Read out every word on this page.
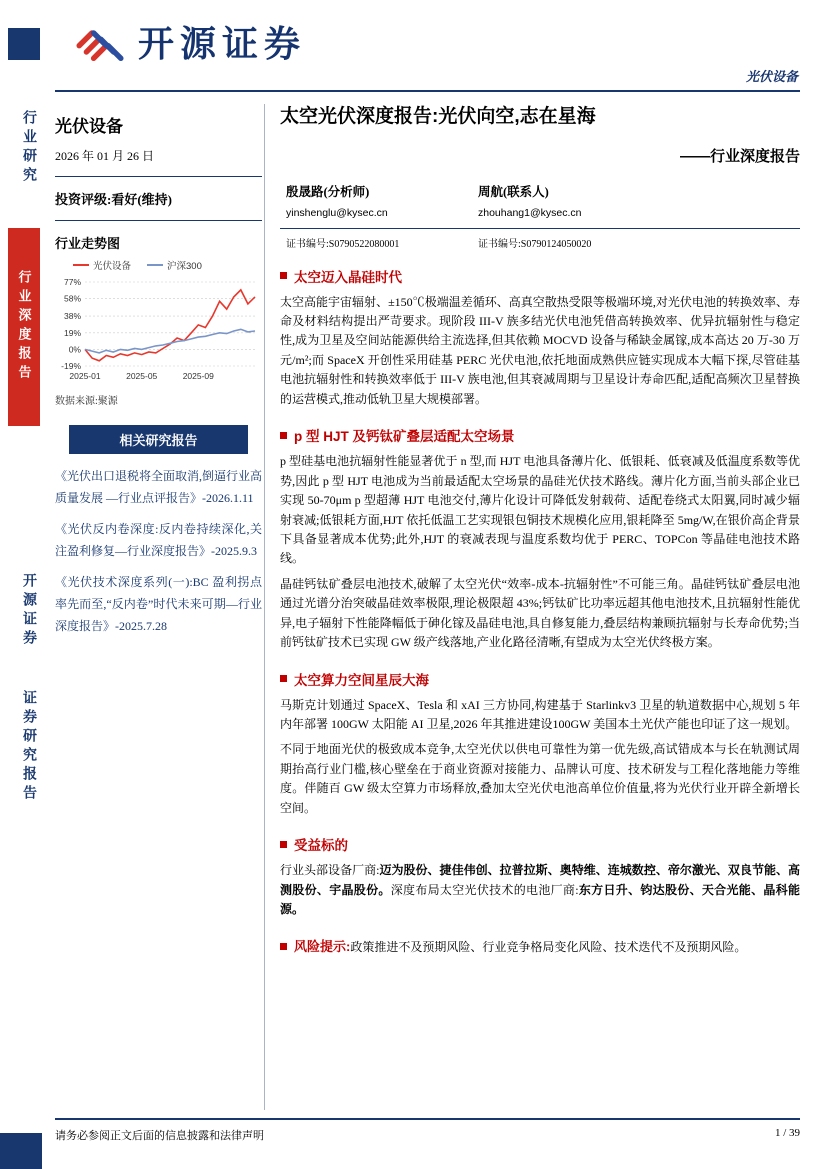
行业研究
行业深度报告
开源证券
证券研究报告
开源证券
光伏设备
光伏设备
2026 年 01 月 26 日
投资评级:看好(维持)
行业走势图
光伏设备	沪深300
77%
58%
38%
19%
0%
-19%
2025-01	2025-05	2025-09
数据来源:聚源
相关研究报告
《光伏出口退税将全面取消,倒逼行业高质量发展 —行业点评报告》-2026.1.11
《光伏反内卷深度:反内卷持续深化,关注盈利修复—行业深度报告》-2025.9.3
《光伏技术深度系列(一):BC 盈利拐点率先而至,“反内卷”时代未来可期—行业深度报告》-2025.7.28
太空光伏深度报告:光伏向空,志在星海
——行业深度报告
殷晟路(分析师)
yinshenglu@kysec.cn
周航(联系人)
zhouhang1@kysec.cn
证书编号:S0790522080001	证书编号:S0790124050020
太空迈入晶硅时代

太空高能宇宙辐射、±150℃极端温差循环、高真空散热受限等极端环境,对光伏电池的转换效率、寿命及材料结构提出严苛要求。现阶段 III-V 族多结光伏电池凭借高转换效率、优异抗辐射性与稳定性,成为卫星及空间站能源供给主流选择,但其依赖 MOCVD 设备与稀缺金属镓,成本高达 20 万-30 万元/m²;而 SpaceX 开创性采用硅基 PERC 光伏电池,依托地面成熟供应链实现成本大幅下探,尽管硅基电池抗辐射性和转换效率低于 III-V 族电池,但其衰减周期与卫星设计寿命匹配,适配高频次卫星替换的运营模式,推动低轨卫星大规模部署。

p 型 HJT 及钙钛矿叠层适配太空场景

p 型硅基电池抗辐射性能显著优于 n 型,而 HJT 电池具备薄片化、低银耗、低衰减及低温度系数等优势,因此 p 型 HJT 电池成为当前最适配太空场景的晶硅光伏技术路线。薄片化方面,当前头部企业已实现 50-70μm p 型超薄 HJT 电池交付,薄片化设计可降低发射载荷、适配卷绕式太阳翼,同时减少辐射衰减;低银耗方面,HJT 依托低温工艺实现银包铜技术规模化应用,银耗降至 5mg/W,在银价高企背景下具备显著成本优势;此外,HJT 的衰减表现与温度系数均优于 PERC、TOPCon 等晶硅电池技术路线。

晶硅钙钛矿叠层电池技术,破解了太空光伏“效率-成本-抗辐射性”不可能三角。晶硅钙钛矿叠层电池通过光谱分治突破晶硅效率极限,理论极限超 43%;钙钛矿比功率远超其他电池技术,且抗辐射性能优异,电子辐射下性能降幅低于砷化镓及晶硅电池,具自修复能力,叠层结构兼顾抗辐射与长寿命优势;当前钙钛矿技术已实现 GW 级产线落地,产业化路径清晰,有望成为太空光伏终极方案。

太空算力空间星辰大海

马斯克计划通过 SpaceX、Tesla 和 xAI 三方协同,构建基于 Starlinkv3 卫星的轨道数据中心,规划 5 年内年部署 100GW 太阳能 AI 卫星,2026 年其推进建设100GW 美国本土光伏产能也印证了这一规划。

不同于地面光伏的极致成本竞争,太空光伏以供电可靠性为第一优先级,高试错成本与长在轨测试周期抬高行业门槛,核心壁垒在于商业资源对接能力、品牌认可度、技术研发与工程化落地能力等维度。伴随百 GW 级太空算力市场释放,叠加太空光伏电池高单位价值量,将为光伏行业开辟全新增长空间。

受益标的

行业头部设备厂商:迈为股份、捷佳伟创、拉普拉斯、奥特维、连城数控、帝尔激光、双良节能、高测股份、宇晶股份。深度布局太空光伏技术的电池厂商:东方日升、钧达股份、天合光能、晶科能源。

风险提示:政策推进不及预期风险、行业竞争格局变化风险、技术迭代不及预期风险。

请务必参阅正文后面的信息披露和法律声明	1 / 39
